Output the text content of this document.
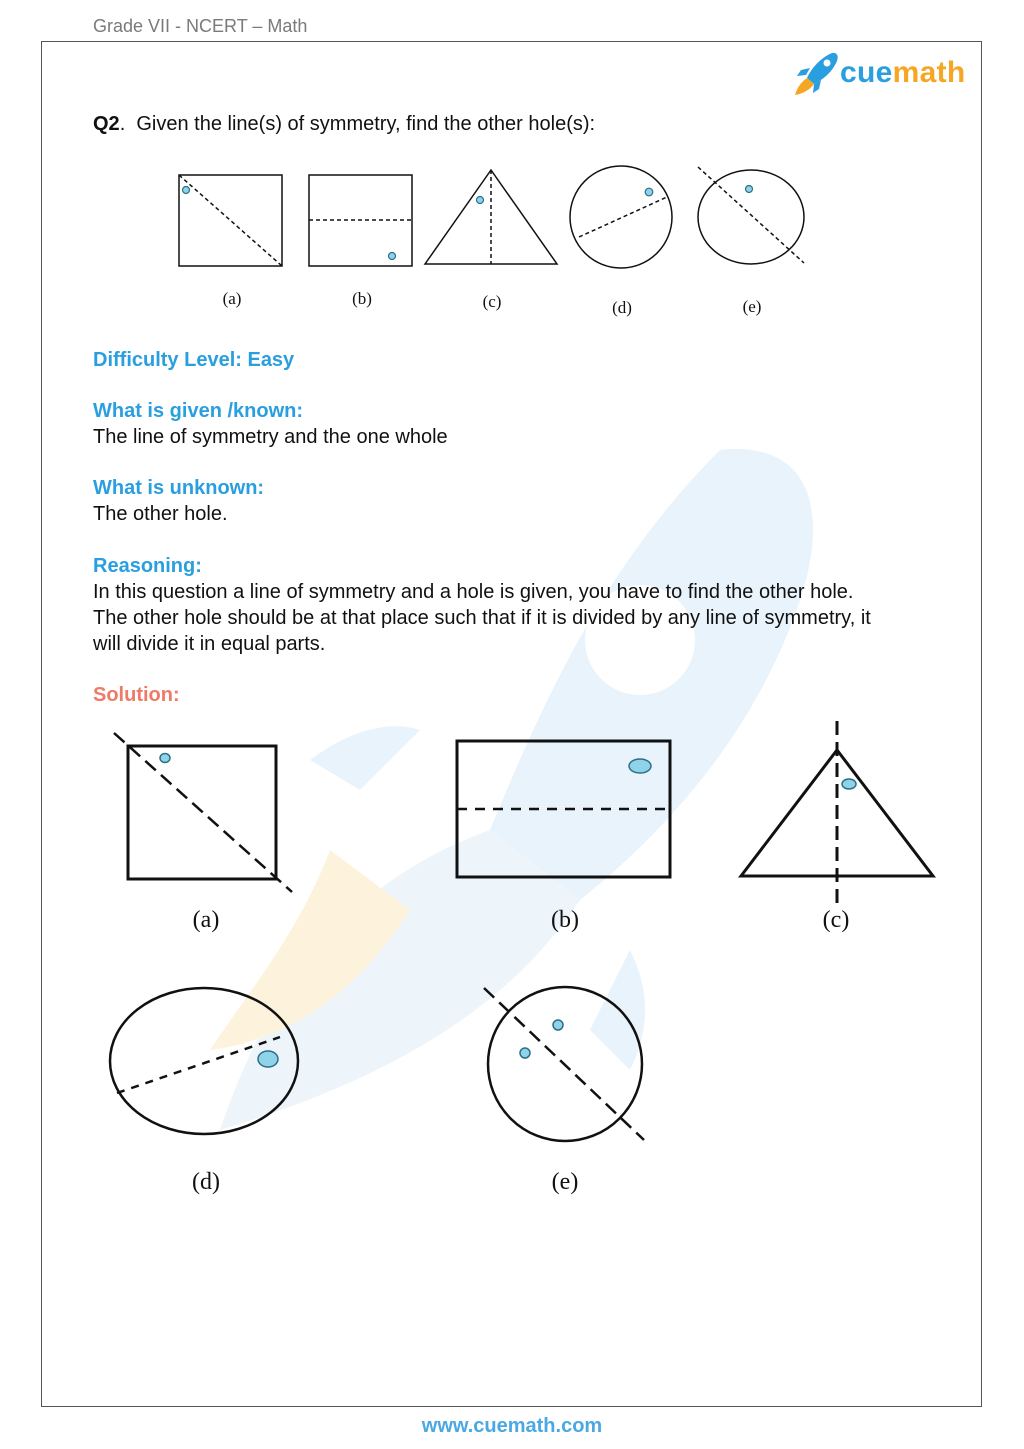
Grade VII - NCERT – Math
cue math
Q2. Given the line(s) of symmetry, find the other hole(s):
(a)	(b)	(c)	(d)	(e)
Difficulty Level: Easy
What is given /known:
The line of symmetry and the one whole
What is unknown:
The other hole.
Reasoning:
In this question a line of symmetry and a hole is given, you have to find the other hole.
The other hole should be at that place such that if it is divided by any line of symmetry, it
will divide it in equal parts.
Solution:
(a)	(b)	(c)
(d)	(e)
www.cuemath.com
